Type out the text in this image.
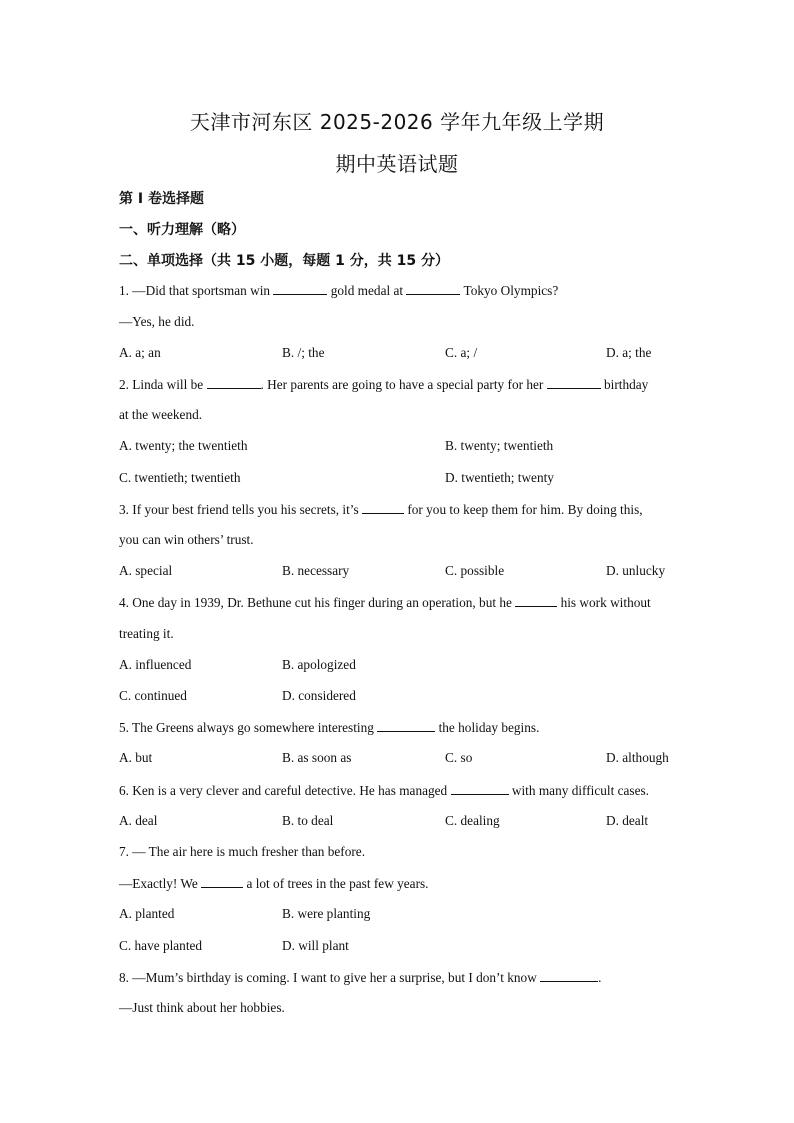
天津市河东区 2025-2026 学年九年级上学期
期中英语试题
第 I 卷选择题
一、听力理解（略）
二、单项选择（共 15 小题，每题 1 分，共 15 分）
1. —Did that sportsman win	gold medal at	Tokyo Olympics?
—Yes, he did.
A. a; an	B. /; the	C. a; /	D. a; the
2. Linda will be	. Her parents are going to have a special party for her	birthday
at the weekend.
A. twenty; the twentieth	B. twenty; twentieth
C. twentieth; twentieth	D. twentieth; twenty
3. If your best friend tells you his secrets, it’s	for you to keep them for him. By doing this,
you can win others’ trust.
A. special	B. necessary	C. possible	D. unlucky
4. One day in 1939, Dr. Bethune cut his finger during an operation, but he	his work without
treating it.
A. influenced	B. apologized
C. continued	D. considered
5. The Greens always go somewhere interesting	the holiday begins.
A. but	B. as soon as	C. so	D. although
6. Ken is a very clever and careful detective. He has managed	with many difficult cases.
A. deal	B. to deal	C. dealing	D. dealt
7. — The air here is much fresher than before.
—Exactly! We	a lot of trees in the past few years.
A. planted	B. were planting
C. have planted	D. will plant
8. —Mum’s birthday is coming. I want to give her a surprise, but I don’t know	.
—Just think about her hobbies.
